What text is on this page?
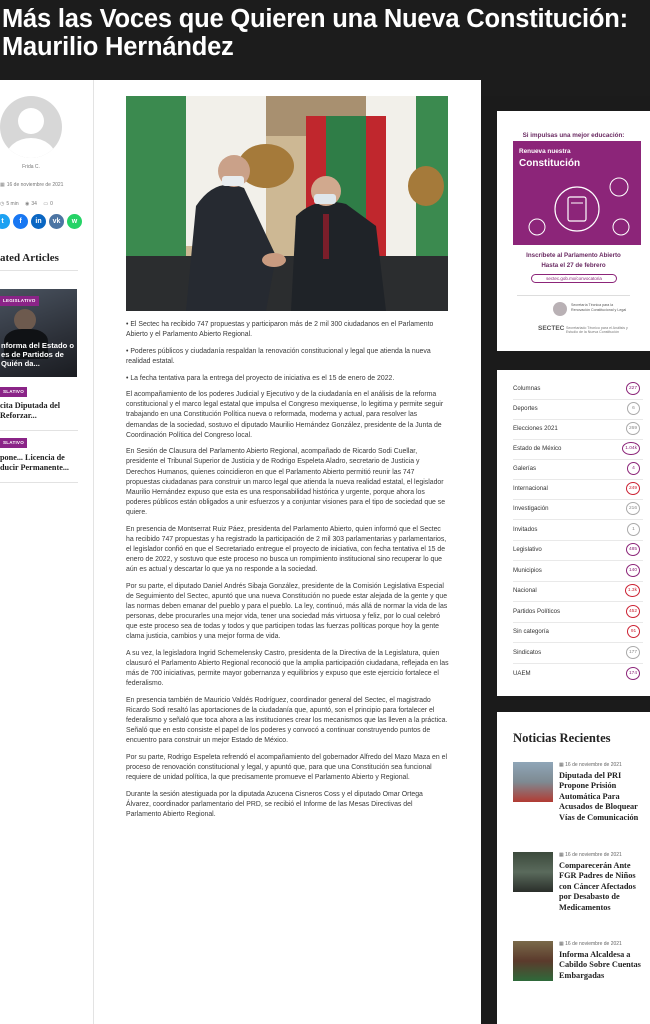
Más las Voces que Quieren una Nueva Constitución: Maurilio Hernández
Frida C.
▦ 16 de noviembre de 2021
◷ 5 min ◉ 34 ▭ 0
t	f	in	vk	w
ated Articles
nforma del Estado o es de Partidos de Quién da...
LEGISLATIVO
SLATIVO
cita Diputada del Reforzar...
SLATIVO
pone... Licencia de ducir Permanente...

• El Sectec ha recibido 747 propuestas y participaron más de 2 mil 300 ciudadanos en el Parlamento Abierto y el Parlamento Abierto Regional.

• Poderes públicos y ciudadanía respaldan la renovación constitucional y legal que atienda la nueva realidad estatal.

• La fecha tentativa para la entrega del proyecto de iniciativa es el 15 de enero de 2022.

El acompañamiento de los poderes Judicial y Ejecutivo y de la ciudadanía en el análisis de la reforma constitucional y el marco legal estatal que impulsa el Congreso mexiquense, lo legitima y permite seguir trabajando en una Constitución Política nueva o reformada, moderna y actual, para resolver las demandas de la sociedad, sostuvo el diputado Maurilio Hernández González, presidente de la Junta de Coordinación Política del Congreso local.

En Sesión de Clausura del Parlamento Abierto Regional, acompañado de Ricardo Sodi Cuellar, presidente el Tribunal Superior de Justicia y de Rodrigo Espeleta Aladro, secretario de Justicia y Derechos Humanos, quienes coincidieron en que el Parlamento Abierto permitió reunir las 747 propuestas ciudadanas para construir un marco legal que atienda la nueva realidad estatal, el legislador Maurilio Hernández expuso que esta es una responsabilidad histórica y urgente, porque ahora los poderes públicos están obligados a unir esfuerzos y a conjuntar visiones para el tipo de sociedad que se quiere.

En presencia de Montserrat Ruiz Páez, presidenta del Parlamento Abierto, quien informó que el Sectec ha recibido 747 propuestas y ha registrado la participación de 2 mil 303 parlamentarias y parlamentarios, el legislador confió en que el Secretariado entregue el proyecto de iniciativa, con fecha tentativa el 15 de enero de 2022, y sostuvo que este proceso no busca un rompimiento institucional sino recuperar lo que aún es actual y descartar lo que ya no responde a la sociedad.

Por su parte, el diputado Daniel Andrés Sibaja González, presidente de la Comisión Legislativa Especial de Seguimiento del Sectec, apuntó que una nueva Constitución no puede estar alejada de la gente y que las normas deben emanar del pueblo y para el pueblo. La ley, continuó, más allá de normar la vida de las personas, debe procurarles una mejor vida, tener una sociedad más virtuosa y feliz, por lo cual celebró que este proceso sea de todas y todos y que participen todas las fuerzas políticas porque hoy la gente clama justicia, cambios y una mejor forma de vida.

A su vez, la legisladora Ingrid Schemelensky Castro, presidenta de la Directiva de la Legislatura, quien clausuró el Parlamento Abierto Regional reconoció que la amplia participación ciudadana, reflejada en las más de 700 iniciativas, permite mayor gobernanza y equilibrios y expuso que este ejercicio fortalece el federalismo.

En presencia también de Mauricio Valdés Rodríguez, coordinador general del Sectec, el magistrado Ricardo Sodi resaltó las aportaciones de la ciudadanía que, apuntó, son el principio para fortalecer el federalismo y señaló que toca ahora a las instituciones crear los mecanismos que las lleven a la práctica. Señaló que en esto consiste el papel de los poderes y convocó a continuar construyendo puntos de encuentro para construir un mejor Estado de México.

Por su parte, Rodrigo Espeleta refrendó el acompañamiento del gobernador Alfredo del Mazo Maza en el proceso de renovación constitucional y legal, y apuntó que, para que una Constitución sea funcional requiere de unidad política, la que precisamente promueve el Parlamento Abierto y Regional.

Durante la sesión atestiguada por la diputada Azucena Cisneros Coss y el diputado Omar Ortega Álvarez, coordinador parlamentario del PRD, se recibió el Informe de las Mesas Directivas del Parlamento Abierto Regional.

Si impulsas una mejor educación:
Renueva nuestra
Constitución
Inscríbete al Parlamento Abierto
Hasta el 27 de febrero
sectec.gob.mx/convocatoria
Secretaría Técnica para la Renovación Constitucional y Legal
SECTEC Secretariado Técnico para el Análisis y Estudio de la Nueva Constitución
Columnas	227
Deportes	6
Elecciones 2021	269
Estado de México	1.04k
Galerías	4
Internacional	249
Investigación	216
Invitados	1
Legislativo	485
Municipios	140
Nacional	1.3k
Partidos Políticos	452
Sin categoría	91
Sindicatos	177
UAEM	174
Noticias Recientes
▦ 16 de noviembre de 2021
Diputada del PRI Propone Prisión Automática Para Acusados de Bloquear Vías de Comunicación
▦ 16 de noviembre de 2021
Comparecerán Ante FGR Padres de Niños con Cáncer Afectados por Desabasto de Medicamentos
▦ 16 de noviembre de 2021
Informa Alcaldesa a Cabildo Sobre Cuentas Embargadas
